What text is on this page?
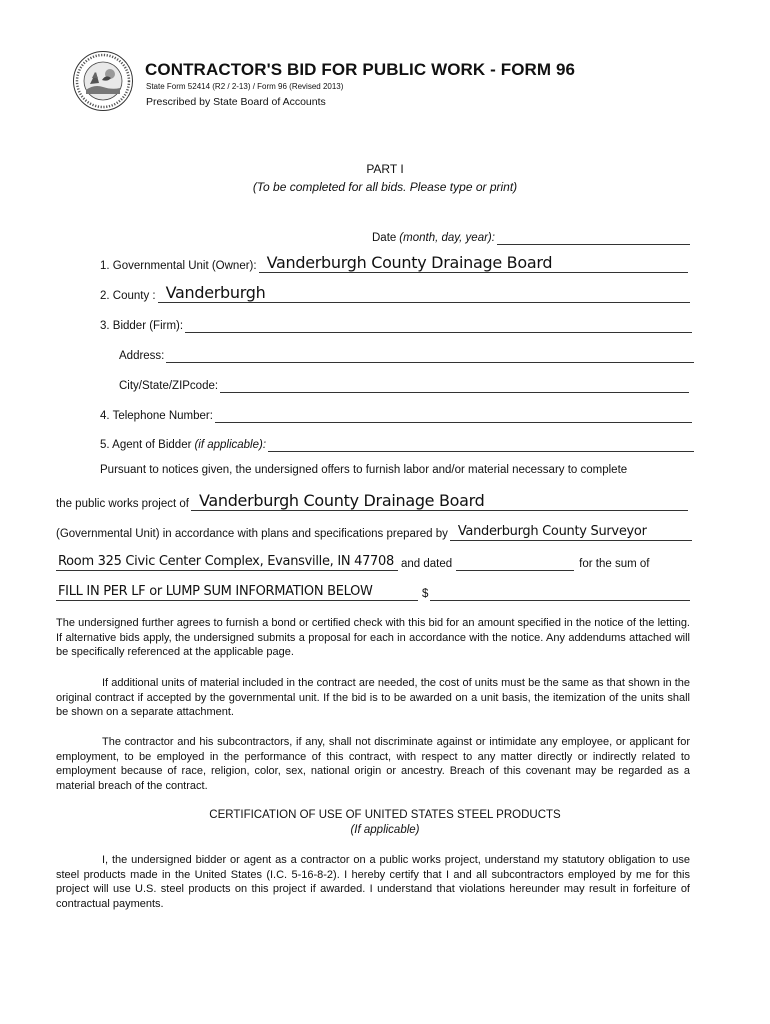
CONTRACTOR'S BID FOR PUBLIC WORK - FORM 96
State Form 52414 (R2 / 2-13) / Form 96 (Revised 2013)
Prescribed by State Board of Accounts
PART I
(To be completed for all bids. Please type or print)
Date (month, day, year):
1. Governmental Unit (Owner): Vanderburgh County Drainage Board
2. County : Vanderburgh
3. Bidder (Firm):
Address:
City/State/ZIPcode:
4. Telephone Number:
5. Agent of Bidder (if applicable):
Pursuant to notices given, the undersigned offers to furnish labor and/or material necessary to complete
the public works project of Vanderburgh County Drainage Board
(Governmental Unit) in accordance with plans and specifications prepared by Vanderburgh County Surveyor
Room 325 Civic Center Complex, Evansville, IN 47708 and dated	for the sum of
FILL IN PER LF or LUMP SUM INFORMATION BELOW	$
The undersigned further agrees to furnish a bond or certified check with this bid for an amount specified in the notice of the letting. If alternative bids apply, the undersigned submits a proposal for each in accordance with the notice. Any addendums attached will be specifically referenced at the applicable page.
If additional units of material included in the contract are needed, the cost of units must be the same as that shown in the original contract if accepted by the governmental unit. If the bid is to be awarded on a unit basis, the itemization of the units shall be shown on a separate attachment.
The contractor and his subcontractors, if any, shall not discriminate against or intimidate any employee, or applicant for employment, to be employed in the performance of this contract, with respect to any matter directly or indirectly related to employment because of race, religion, color, sex, national origin or ancestry. Breach of this covenant may be regarded as a material breach of the contract.
CERTIFICATION OF USE OF UNITED STATES STEEL PRODUCTS
(If applicable)
I, the undersigned bidder or agent as a contractor on a public works project, understand my statutory obligation to use steel products made in the United States (I.C. 5-16-8-2). I hereby certify that I and all subcontractors employed by me for this project will use U.S. steel products on this project if awarded. I understand that violations hereunder may result in forfeiture of contractual payments.
